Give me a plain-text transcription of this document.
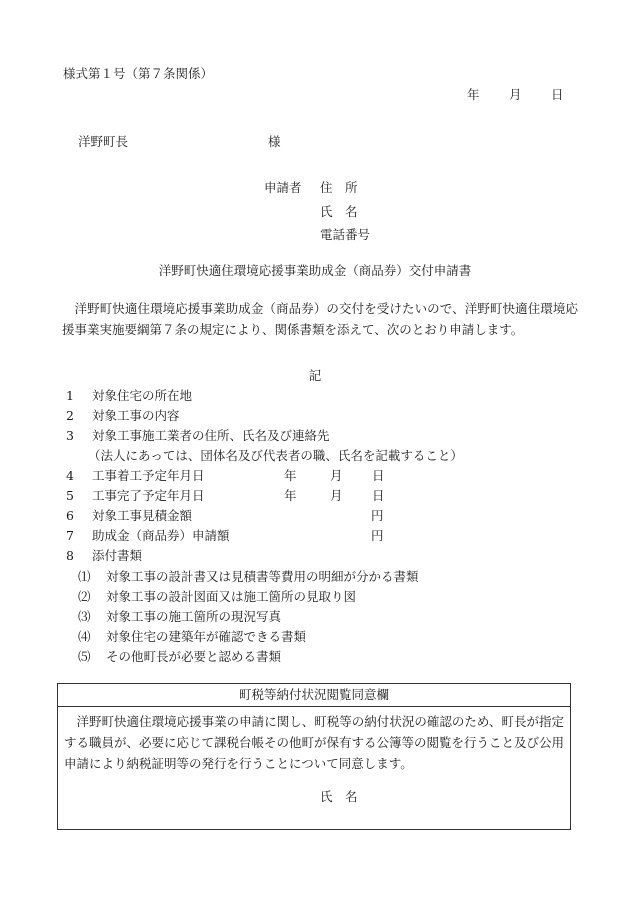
様式第１号（第７条関係）
年 月 日
洋野町長	様
申請者 住　所
氏　名
電話番号
洋野町快適住環境応援事業助成金（商品券）交付申請書
洋野町快適住環境応援事業助成金（商品券）の交付を受けたいので、洋野町快適住環境応援事業実施要綱第７条の規定により、関係書類を添えて、次のとおり申請します。
記
1 対象住宅の所在地
2 対象工事の内容
3 対象工事施工業者の住所、氏名及び連絡先
（法人にあっては、団体名及び代表者の職、氏名を記載すること）
4 工事着工予定年月日	年	月 日
5 工事完了予定年月日	年	月 日
6 対象工事見積金額	円
7 助成金（商品券）申請額	円
8 添付書類
⑴ 対象工事の設計書又は見積書等費用の明細が分かる書類
⑵ 対象工事の設計図面又は施工箇所の見取り図
⑶ 対象工事の施工箇所の現況写真
⑷ 対象住宅の建築年が確認できる書類
⑸ その他町長が必要と認める書類
町税等納付状況閲覧同意欄
洋野町快適住環境応援事業の申請に関し、町税等の納付状況の確認のため、町長が指定する職員が、必要に応じて課税台帳その他町が保有する公簿等の閲覧を行うこと及び公用申請により納税証明等の発行を行うことについて同意します。
氏　名
